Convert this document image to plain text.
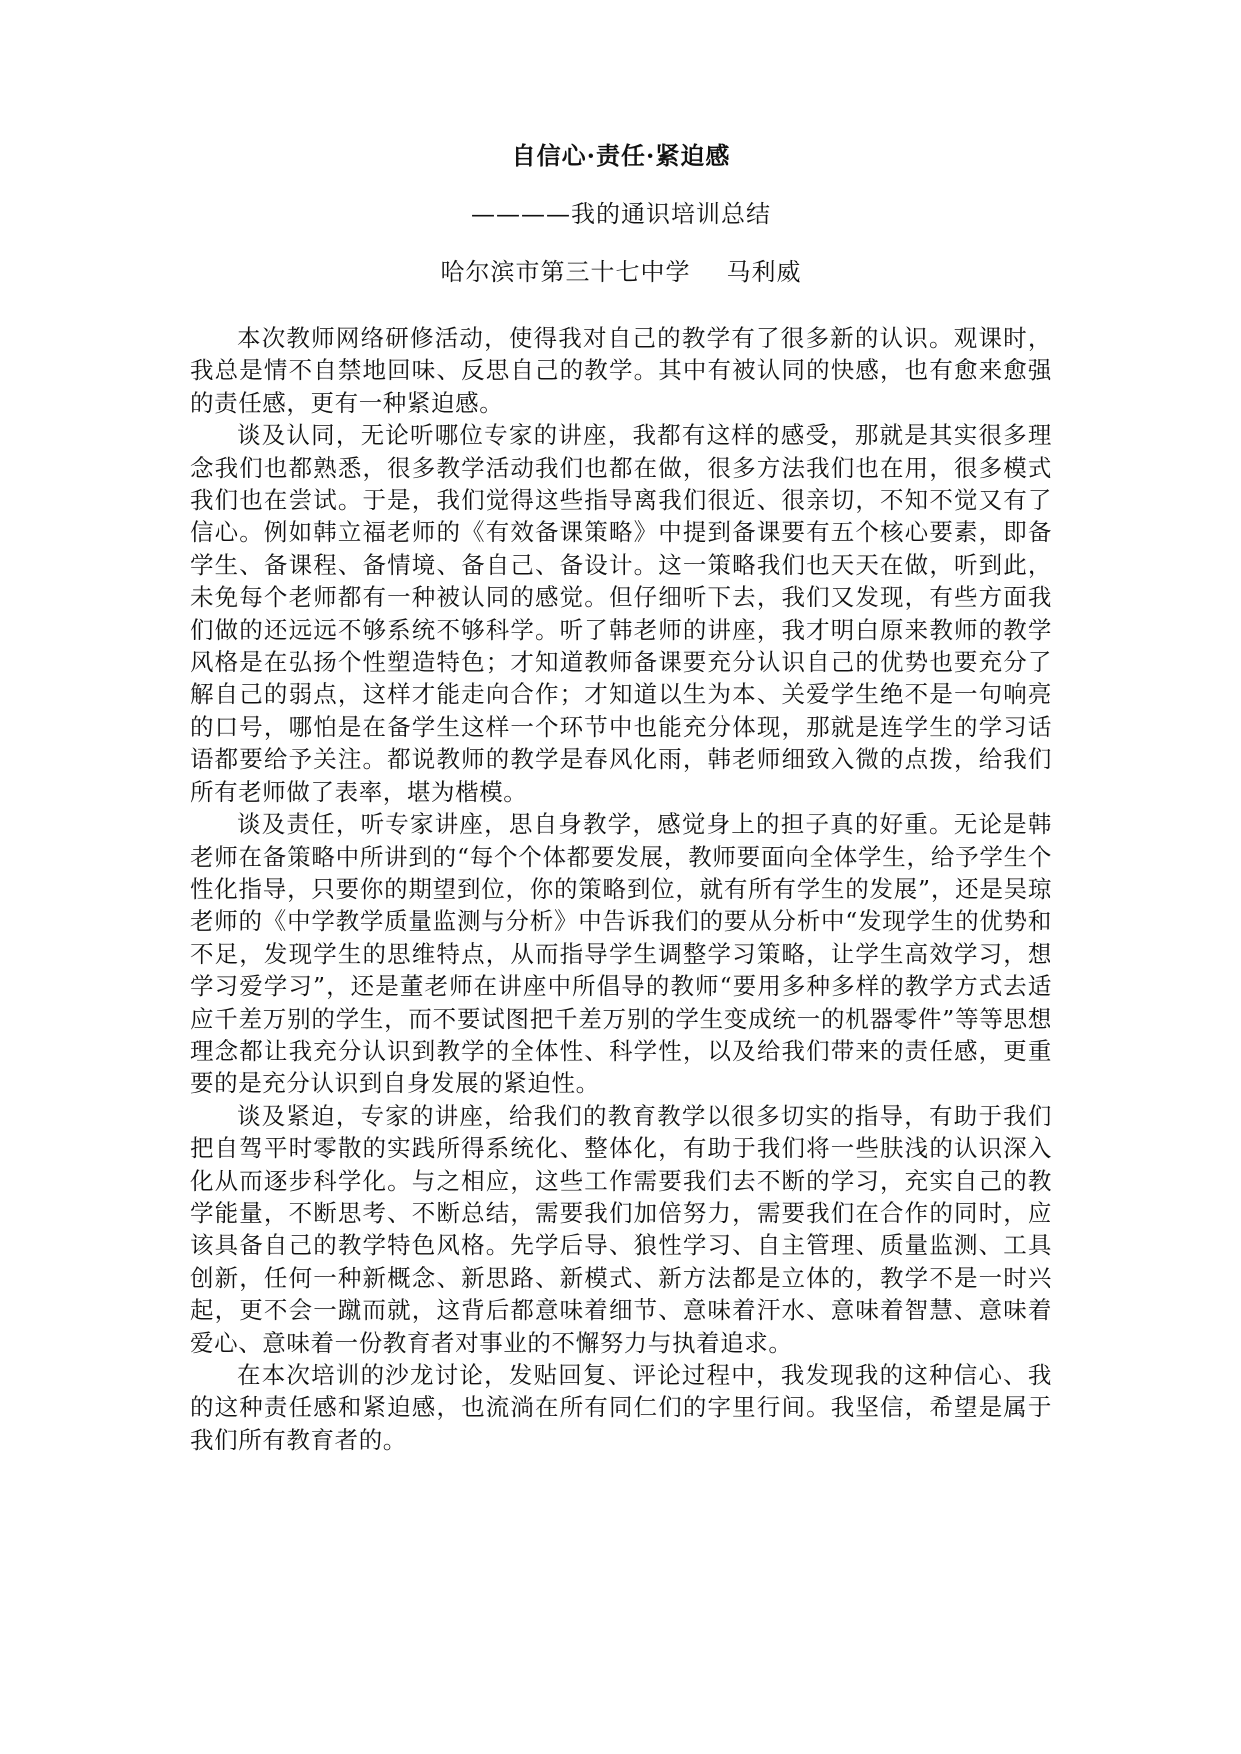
自信心·责任·紧迫感
————我的通识培训总结
哈尔滨市第三十七中学 马利威

本次教师网络研修活动，使得我对自己的教学有了很多新的认识。观课时，我总是情不自禁地回味、反思自己的教学。其中有被认同的快感，也有愈来愈强的责任感，更有一种紧迫感。

谈及认同，无论听哪位专家的讲座，我都有这样的感受，那就是其实很多理念我们也都熟悉，很多教学活动我们也都在做，很多方法我们也在用，很多模式我们也在尝试。于是，我们觉得这些指导离我们很近、很亲切，不知不觉又有了信心。例如韩立福老师的《有效备课策略》中提到备课要有五个核心要素，即备学生、备课程、备情境、备自己、备设计。这一策略我们也天天在做，听到此，未免每个老师都有一种被认同的感觉。但仔细听下去，我们又发现，有些方面我们做的还远远不够系统不够科学。听了韩老师的讲座，我才明白原来教师的教学风格是在弘扬个性塑造特色；才知道教师备课要充分认识自己的优势也要充分了解自己的弱点，这样才能走向合作；才知道以生为本、关爱学生绝不是一句响亮的口号，哪怕是在备学生这样一个环节中也能充分体现，那就是连学生的学习话语都要给予关注。都说教师的教学是春风化雨，韩老师细致入微的点拨，给我们所有老师做了表率，堪为楷模。

谈及责任，听专家讲座，思自身教学，感觉身上的担子真的好重。无论是韩老师在备策略中所讲到的“每个个体都要发展，教师要面向全体学生，给予学生个性化指导，只要你的期望到位，你的策略到位，就有所有学生的发展”，还是吴琼老师的《中学教学质量监测与分析》中告诉我们的要从分析中“发现学生的优势和不足，发现学生的思维特点，从而指导学生调整学习策略，让学生高效学习，想学习爱学习”，还是董老师在讲座中所倡导的教师“要用多种多样的教学方式去适应千差万别的学生，而不要试图把千差万别的学生变成统一的机器零件”等等思想理念都让我充分认识到教学的全体性、科学性，以及给我们带来的责任感，更重要的是充分认识到自身发展的紧迫性。

谈及紧迫，专家的讲座，给我们的教育教学以很多切实的指导，有助于我们把自驾平时零散的实践所得系统化、整体化，有助于我们将一些肤浅的认识深入化从而逐步科学化。与之相应，这些工作需要我们去不断的学习，充实自己的教学能量，不断思考、不断总结，需要我们加倍努力，需要我们在合作的同时，应该具备自己的教学特色风格。先学后导、狼性学习、自主管理、质量监测、工具创新，任何一种新概念、新思路、新模式、新方法都是立体的，教学不是一时兴起，更不会一蹴而就，这背后都意味着细节、意味着汗水、意味着智慧、意味着爱心、意味着一份教育者对事业的不懈努力与执着追求。

在本次培训的沙龙讨论，发贴回复、评论过程中，我发现我的这种信心、我的这种责任感和紧迫感，也流淌在所有同仁们的字里行间。我坚信，希望是属于我们所有教育者的。
